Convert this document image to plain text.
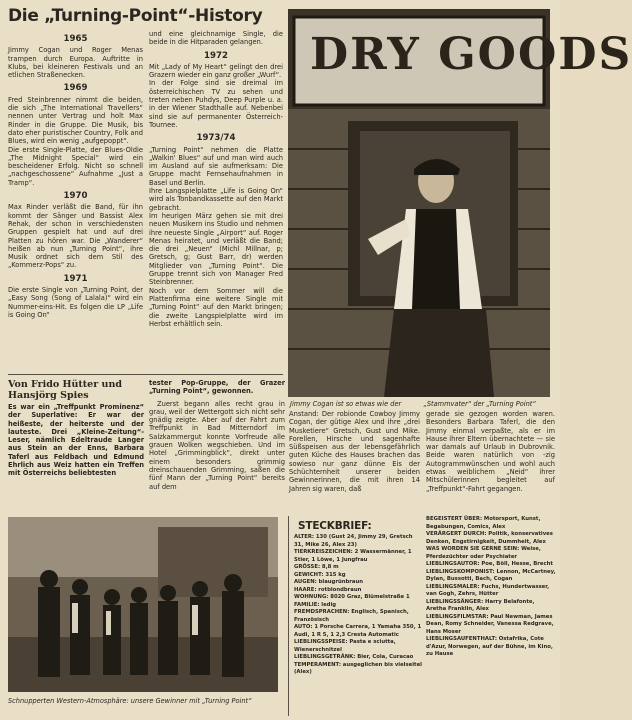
Die „Turning-Point“-History
1965

Jimmy Cogan und Roger Menas trampen durch Europa. Auftritte in Klubs, bei kleineren Festivals und an etlichen Straßenecken.

1969

Fred Steinbrenner nimmt die beiden, die sich „The International Travellers“ nennen unter Vertrag und holt Max Rinder in die Gruppe. Die Musik, bis dato eher puristischer Country, Folk and Blues, wird ein wenig „aufgepoppt“.

Die erste Single-Platte, der Blues-Oldie „The Midnight Special“ wird ein bescheidener Erfolg. Nicht so schnell „nachgeschossene“ Aufnahme „Just a Tramp“.

1970

Max Rinder verläßt die Band, für ihn kommt der Sänger und Bassist Alex Rehak, der schon in verschiedensten Gruppen gespielt hat und auf drei Platten zu hören war. Die „Wanderer“ heißen ab nun „Turning Point“, ihre Musik ordnet sich dem Stil des „Kommerz-Pops“ zu.

1971

Die erste Single von „Turning Point, der „Easy Song (Song of Lalala)“ wird ein Nummer-eins-Hit. Es folgen die LP „Life is Going On“

und eine gleichnamige Single, die beide in die Hitparaden gelangen.

1972

Mit „Lady of My Heart“ gelingt den drei Grazern wieder ein ganz großer „Wurf“.

In der Folge sind sie dreimal im österreichischen TV zu sehen und treten neben Puhdys, Deep Purple u. a. in der Wiener Stadthalle auf. Nebenbei sind sie auf permanenter Österreich-Tournee.

1973/74

„Turning Point“ nehmen die Platte „Walkin' Blues“ auf und man wird auch im Ausland auf sie aufmerksam: Die Gruppe macht Fernsehaufnahmen in Basel und Berlin.

Ihre Langspielplatte „Life is Going On“ wird als Tonbandkassette auf den Markt gebracht.

Im heurigen März gehen sie mit drei neuen Musikern ins Studio und nehmen ihre neueste Single „Airport“ auf. Roger Menas heiratet, und verläßt die Band; die drei „Neuen“ (Michl Millnar, p; Gretsch, g; Gust Barr, dr) werden Mitglieder von „Turning Point“. Die Gruppe trennt sich von Manager Fred Steinbrenner.

Noch vor dem Sommer will die Plattenfirma eine weitere Single mit „Turning Point“ auf den Markt bringen; die zweite Langspielplatte wird im Herbst erhältlich sein.

DRY GOODS
Jimmy Cogan ist so etwas wie der	„Stammvater“ der „Turning Point“
Von Frido Hütter und Hansjörg Spies

Es war ein „Treffpunkt Prominenz“ der Superlative: Er war der heißeste, der heiterste und der lauteste. Drei „Kleine-Zeitung“-Leser, nämlich Edeltraude Langer aus Stein an der Enns, Barbara Taferl aus Feldbach und Edmund Ehrlich aus Weiz hatten ein Treffen mit Österreichs beliebtesten

tester Pop-Gruppe, der Grazer „Turning Point“, gewonnen.

Zuerst begann alles recht grau in grau, weil der Wettergott sich nicht sehr gnädig zeigte. Aber auf der Fahrt zum Treffpunkt in Bad Mitterndorf im Salzkammergut konnte Vorfreude alle grauen Wolken wegschieben. Und im Hotel „Grimmingblick“, direkt unter einem besonders grimmig dreinschauenden Grimming, saßen die fünf Mann der „Turning Point“ bereits auf dem

Anstand: Der robionde Cowboy Jimmy Cogan, der gütige Alex und ihre „drei Musketiere“ Gretsch, Gust und Mike. Forellen, Hirsche und sagenhafte Süßspeisen aus der lebensgefährlich guten Küche des Hauses brachen das sowieso nur ganz dünne Eis der Schüchternheit unserer beiden Gewinnerinnen, die mit ihren 14 Jahren sig waren, daß

gerade sie gezogen worden waren. Besonders Barbara Taferl, die den Jimmy einmal verpaßte, als er im Hause ihrer Eltern übernachtete — sie war damals auf Urlaub in Dubrovnik. Beide waren natürlich von -zig Autogrammwünschen und wohl auch etwas weiblichem „Neid“ ihrer Mitschülerinnen begleitet auf „Treffpunkt“-Fahrt gegangen.

Schnupperten Western-Atmosphäre: unsere Gewinner mit „Turning Point“
STECKBRIEF:
ALTER: 130 (Gust 24, Jimmy 29, Gretsch 31, Mike 26, Alex 23)
TIERKREISZEICHEN: 2 Wassermänner, 1 Stier, 1 Löwe, 1 Jungfrau
GRÖSSE: 8,8 m
GEWICHT: 315 kg
AUGEN: blaugrünbraun
HAARE: rotblondbraun
WOHNUNG: 8020 Graz, Blümelstraße 1
FAMILIE: ledig
FREMDSPRACHEN: Englisch, Spanisch, Französisch
AUTO: 1 Porsche Carrera, 1 Yamaha 350, 1 Audi, 1 R 5, 1 2,3 Cresta Automatic
LIEBLINGSSPEISE: Pasta e sciutta, Wienerschnitzel
LIEBLINGSGETRÄNK: Bier, Cola, Curacao
TEMPERAMENT: ausgeglichen bis vielseitel (Alex)
BEGEISTERT ÜBER: Motorsport, Kunst, Begabungen, Comics, Alex
VERÄRGERT DURCH: Politik, konservatives Denken, Engstirnigkeit, Dummheit, Alex
WAS WORDEN SIE GERNE SEIN: Weise, Pferdezüchter oder Psychiater
LIEBLINGSAUTOR: Poe, Böll, Hesse, Brecht
LIEBLINGSKOMPONIST: Lennon, McCartney, Dylan, Bussotti, Bach, Cogan
LIEBLINGSMALER: Fuchs, Hundertwasser, van Gogh, Zehrs, Hütter
LIEBLINGSSÄNGER: Harry Belafonte, Aretha Franklin, Alex
LIEBLINGSFILMSTAR: Paul Newman, James Dean, Romy Schneider, Vanessa Redgrave, Hans Moser
LIEBLINGSAUFENTHALT: Ostafrika, Cote d'Azur, Norwegen, auf der Bühne, im Kino, zu Hause
